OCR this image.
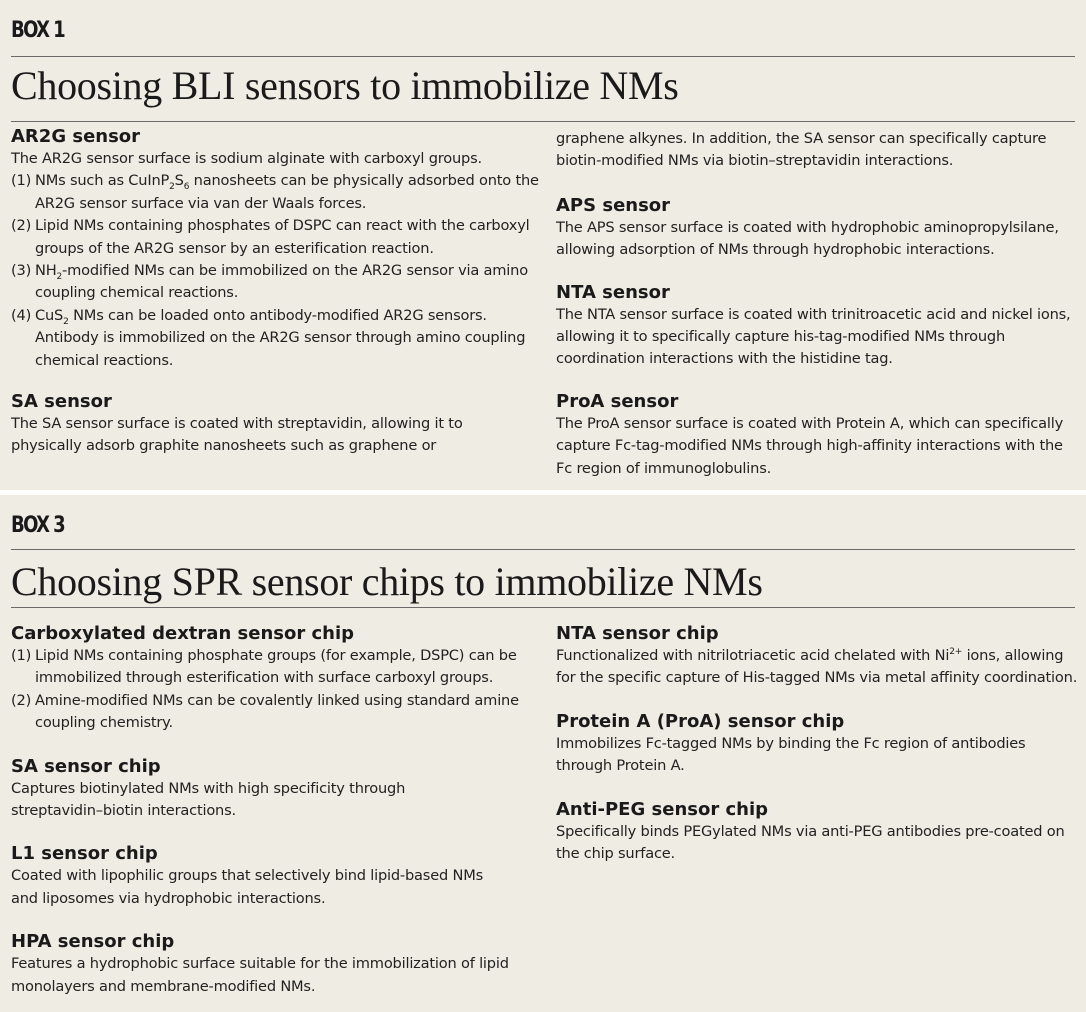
BOX 1
Choosing BLI sensors to immobilize NMs
AR2G sensor
The AR2G sensor surface is sodium alginate with carboxyl groups.
(1) NMs such as $CuInP_2S_6$ nanosheets can be physically adsorbed onto the AR2G sensor surface via van der Waals forces.
(2) Lipid NMs containing phosphates of DSPC can react with the carboxyl groups of the AR2G sensor by an esterification reaction.
(3) $NH_2$-modified NMs can be immobilized on the AR2G sensor via amino coupling chemical reactions.
(4) CuS$_2$ NMs can be loaded onto antibody-modified AR2G sensors. Antibody is immobilized on the AR2G sensor through amino coupling chemical reactions.
SA sensor
The SA sensor surface is coated with streptavidin, allowing it to physically adsorb graphite nanosheets such as graphene or
graphene alkynes. In addition, the SA sensor can specifically capture biotin-modified NMs via biotin–streptavidin interactions.
APS sensor
The APS sensor surface is coated with hydrophobic aminopropylsilane, allowing adsorption of NMs through hydrophobic interactions.
NTA sensor
The NTA sensor surface is coated with trinitroacetic acid and nickel ions, allowing it to specifically capture his-tag-modified NMs through coordination interactions with the histidine tag.
ProA sensor
The ProA sensor surface is coated with Protein A, which can specifically capture Fc-tag-modified NMs through high-affinity interactions with the Fc region of immunoglobulins.
BOX 3
Choosing SPR sensor chips to immobilize NMs
Carboxylated dextran sensor chip
(1) Lipid NMs containing phosphate groups (for example, DSPC) can be immobilized through esterification with surface carboxyl groups.
(2) Amine-modified NMs can be covalently linked using standard amine coupling chemistry.
SA sensor chip
Captures biotinylated NMs with high specificity through streptavidin–biotin interactions.
L1 sensor chip
Coated with lipophilic groups that selectively bind lipid-based NMs and liposomes via hydrophobic interactions.
HPA sensor chip
Features a hydrophobic surface suitable for the immobilization of lipid monolayers and membrane-modified NMs.
NTA sensor chip
Functionalized with nitrilotriacetic acid chelated with $Ni^{2+}$ ions, allowing for the specific capture of His-tagged NMs via metal affinity coordination.
Protein A (ProA) sensor chip
Immobilizes Fc-tagged NMs by binding the Fc region of antibodies through Protein A.
Anti-PEG sensor chip
Specifically binds PEGylated NMs via anti-PEG antibodies pre-coated on the chip surface.
